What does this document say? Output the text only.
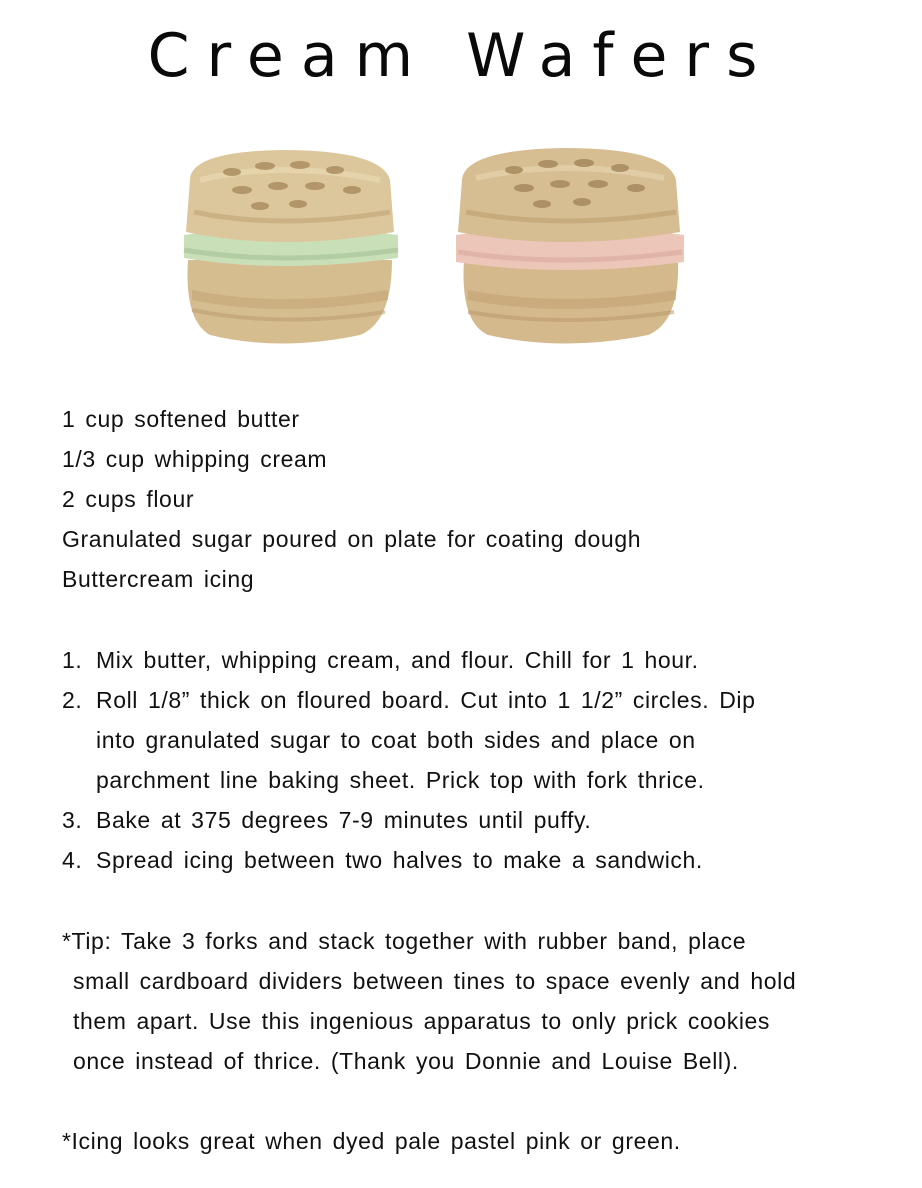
Cream Wafers
1 cup softened butter
1/3 cup whipping cream
2 cups flour
Granulated sugar poured on plate for coating dough
Buttercream icing
1. Mix butter, whipping cream, and flour. Chill for 1 hour.
2. Roll 1/8” thick on floured board. Cut into 1 1/2” circles. Dip
into granulated sugar to coat both sides and place on
parchment line baking sheet. Prick top with fork thrice.
3. Bake at 375 degrees 7-9 minutes until puffy.
4. Spread icing between two halves to make a sandwich.
*Tip: Take 3 forks and stack together with rubber band, place
small cardboard dividers between tines to space evenly and hold
them apart. Use this ingenious apparatus to only prick cookies
once instead of thrice. (Thank you Donnie and Louise Bell).
*Icing looks great when dyed pale pastel pink or green.
